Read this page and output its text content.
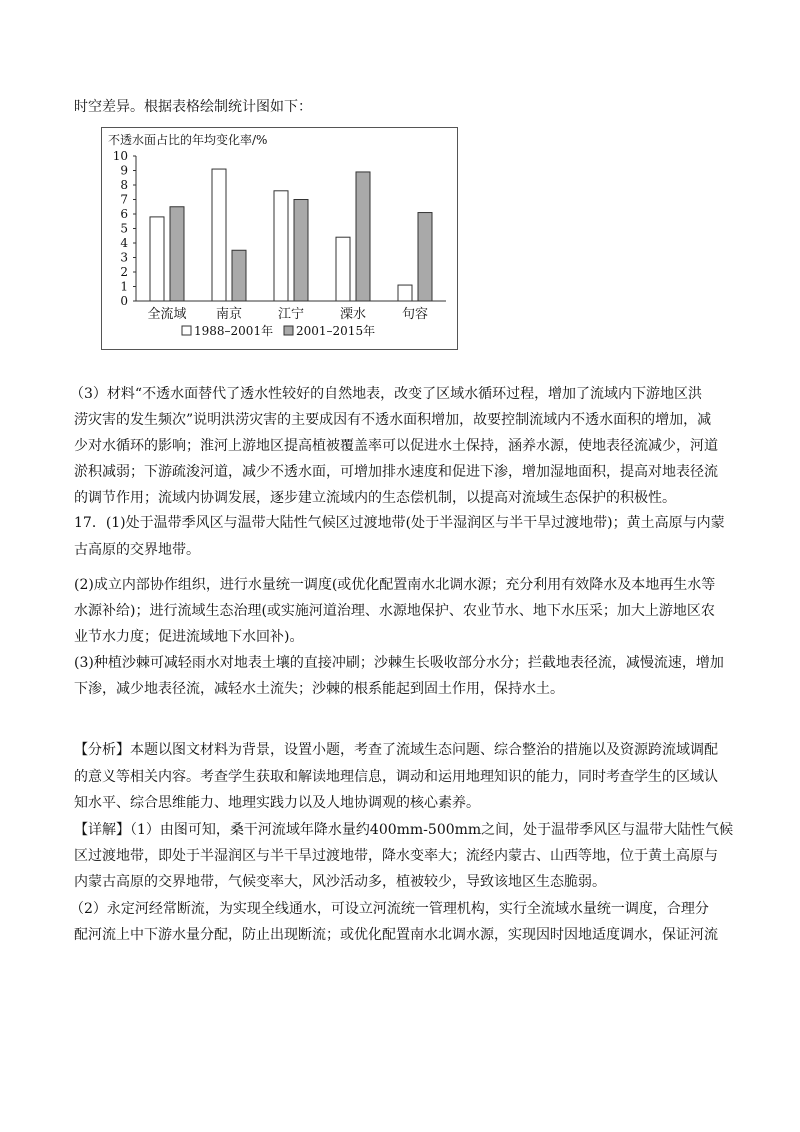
时空差异。根据表格绘制统计图如下：
不透水面占比的年均变化率/%
0
1
2
3
4
5
6
7
8
9
10
全流域 南京	江宁	溧水	句容
1988–2001年 2001–2015年
（3）材料“不透水面替代了透水性较好的自然地表，改变了区域水循环过程，增加了流域内下游地区洪
涝灾害的发生频次”说明洪涝灾害的主要成因有不透水面积增加，故要控制流域内不透水面积的增加，减
少对水循环的影响；淮河上游地区提高植被覆盖率可以促进水土保持，涵养水源，使地表径流减少，河道
淤积减弱；下游疏浚河道，减少不透水面，可增加排水速度和促进下渗，增加湿地面积，提高对地表径流
的调节作用；流域内协调发展，逐步建立流域内的生态偿机制，以提高对流域生态保护的积极性。
17．(1)处于温带季风区与温带大陆性气候区过渡地带(处于半湿润区与半干旱过渡地带)；黄土高原与内蒙
古高原的交界地带。
(2)成立内部协作组织，进行水量统一调度(或优化配置南水北调水源；充分利用有效降水及本地再生水等
水源补给)；进行流域生态治理(或实施河道治理、水源地保护、农业节水、地下水压采；加大上游地区农
业节水力度；促进流域地下水回补)。
(3)种植沙棘可减轻雨水对地表土壤的直接冲刷；沙棘生长吸收部分水分；拦截地表径流，减慢流速，增加
下渗，减少地表径流，减轻水土流失；沙棘的根系能起到固土作用，保持水土。
【分析】本题以图文材料为背景，设置小题，考查了流域生态问题、综合整治的措施以及资源跨流域调配
的意义等相关内容。考查学生获取和解读地理信息，调动和运用地理知识的能力，同时考查学生的区域认
知水平、综合思维能力、地理实践力以及人地协调观的核心素养。
【详解】（1）由图可知，桑干河流域年降水量约400mm-500mm之间，处于温带季风区与温带大陆性气候
区过渡地带，即处于半湿润区与半干旱过渡地带，降水变率大；流经内蒙古、山西等地，位于黄土高原与
内蒙古高原的交界地带，气候变率大，风沙活动多，植被较少，导致该地区生态脆弱。
（2）永定河经常断流，为实现全线通水，可设立河流统一管理机构，实行全流域水量统一调度，合理分
配河流上中下游水量分配，防止出现断流；或优化配置南水北调水源，实现因时因地适度调水，保证河流
